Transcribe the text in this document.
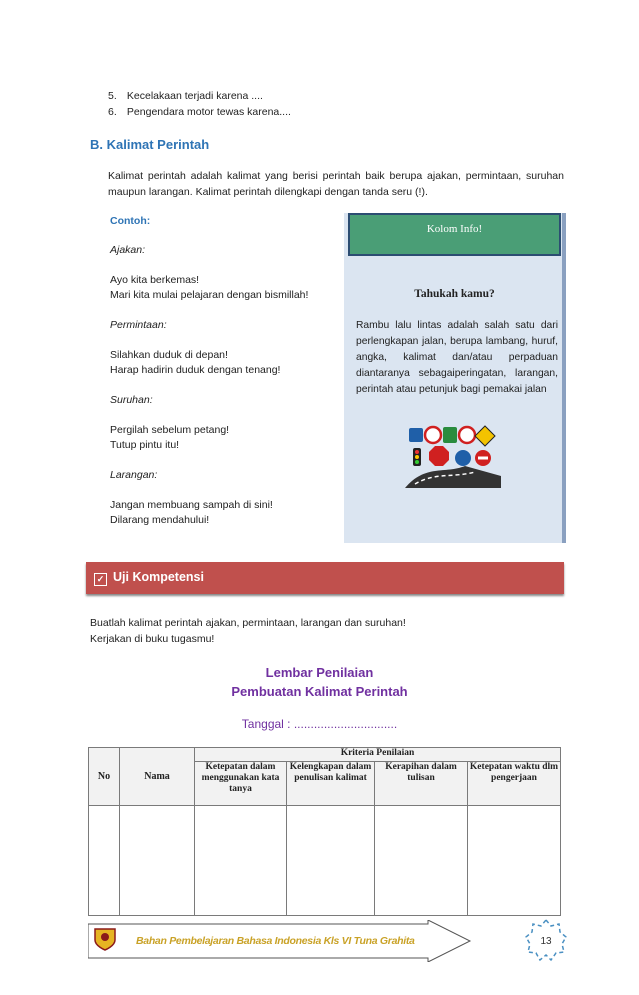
5. Kecelakaan terjadi karena ....
6. Pengendara motor tewas karena....
B. Kalimat Perintah
Kalimat perintah adalah kalimat yang berisi perintah baik berupa ajakan, permintaan, suruhan maupun larangan. Kalimat perintah dilengkapi dengan tanda seru (!).
Contoh:
Ajakan:
Ayo kita berkemas!
Mari kita mulai pelajaran dengan bismillah!
Permintaan:
Silahkan duduk di depan!
Harap hadirin duduk dengan tenang!
Suruhan:
Pergilah sebelum petang!
Tutup pintu itu!
Larangan:
Jangan membuang sampah di sini!
Dilarang mendahului!
Kolom Info!
Tahukah kamu?
Rambu lalu lintas adalah salah satu dari perlengkapan jalan, berupa lambang, huruf, angka, kalimat dan/atau perpaduan diantaranya sebagaiperingatan, larangan, perintah atau petunjuk bagi pemakai jalan
✓ Uji Kompetensi
Buatlah kalimat perintah ajakan, permintaan, larangan dan suruhan!
Kerjakan di buku tugasmu!
Lembar Penilaian
Pembuatan Kalimat Perintah
Tanggal : ...............................
No	Nama	Kriteria Penilaian			
		Ketepatan dalam menggunakan kata tanya	Kelengkapan dalam penulisan kalimat	Kerapihan dalam tulisan	Ketepatan waktu dlm pengerjaan

Bahan Pembelajaran Bahasa Indonesia Kls VI Tuna Grahita	13
